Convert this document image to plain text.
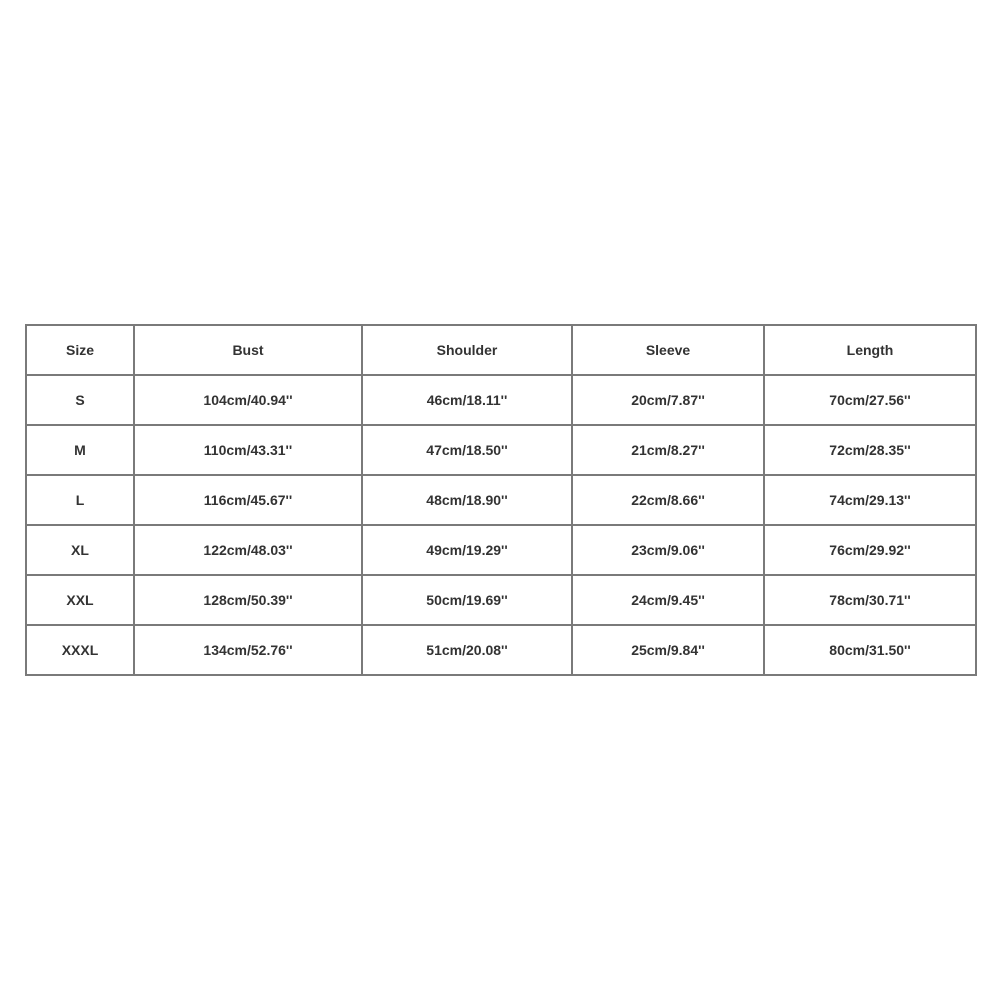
Size	Bust	Shoulder	Sleeve	Length
S	104cm/40.94''	46cm/18.11''	20cm/7.87''	70cm/27.56''
M	110cm/43.31''	47cm/18.50''	21cm/8.27''	72cm/28.35''
L	116cm/45.67''	48cm/18.90''	22cm/8.66''	74cm/29.13''
XL	122cm/48.03''	49cm/19.29''	23cm/9.06''	76cm/29.92''
XXL	128cm/50.39''	50cm/19.69''	24cm/9.45''	78cm/30.71''
XXXL	134cm/52.76''	51cm/20.08''	25cm/9.84''	80cm/31.50''
